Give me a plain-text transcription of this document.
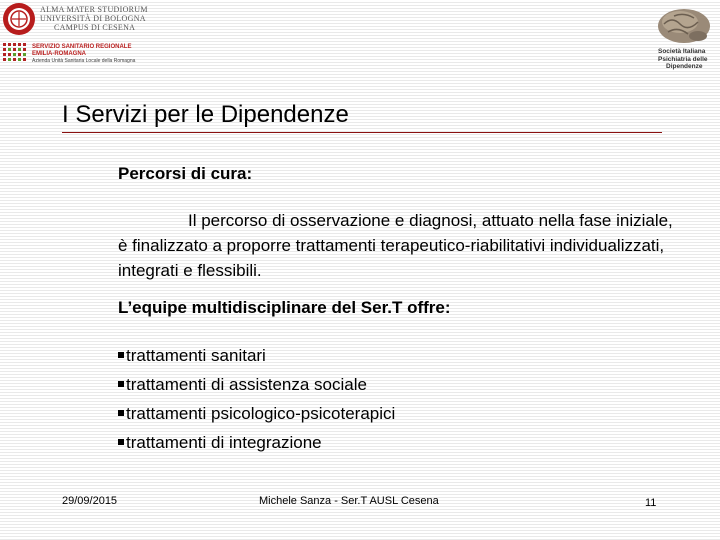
ALMA MATER STUDIORUM
UNIVERSITÀ DI BOLOGNA
CAMPUS DI CESENA
SERVIZIO SANITARIO REGIONALE
EMILIA-ROMAGNA
Azienda Unità Sanitaria Locale della Romagna
Società Italiana
Psichiatria delle
Dipendenze
I Servizi per le Dipendenze
Percorsi di cura:
Il percorso di osservazione e diagnosi, attuato nella fase iniziale, è finalizzato a proporre trattamenti terapeutico-riabilitativi individualizzati, integrati e flessibili.
L’equipe multidisciplinare del Ser.T offre:
trattamenti sanitari
trattamenti di assistenza sociale
trattamenti psicologico-psicoterapici
trattamenti di integrazione
29/09/2015	Michele Sanza - Ser.T AUSL Cesena	11
